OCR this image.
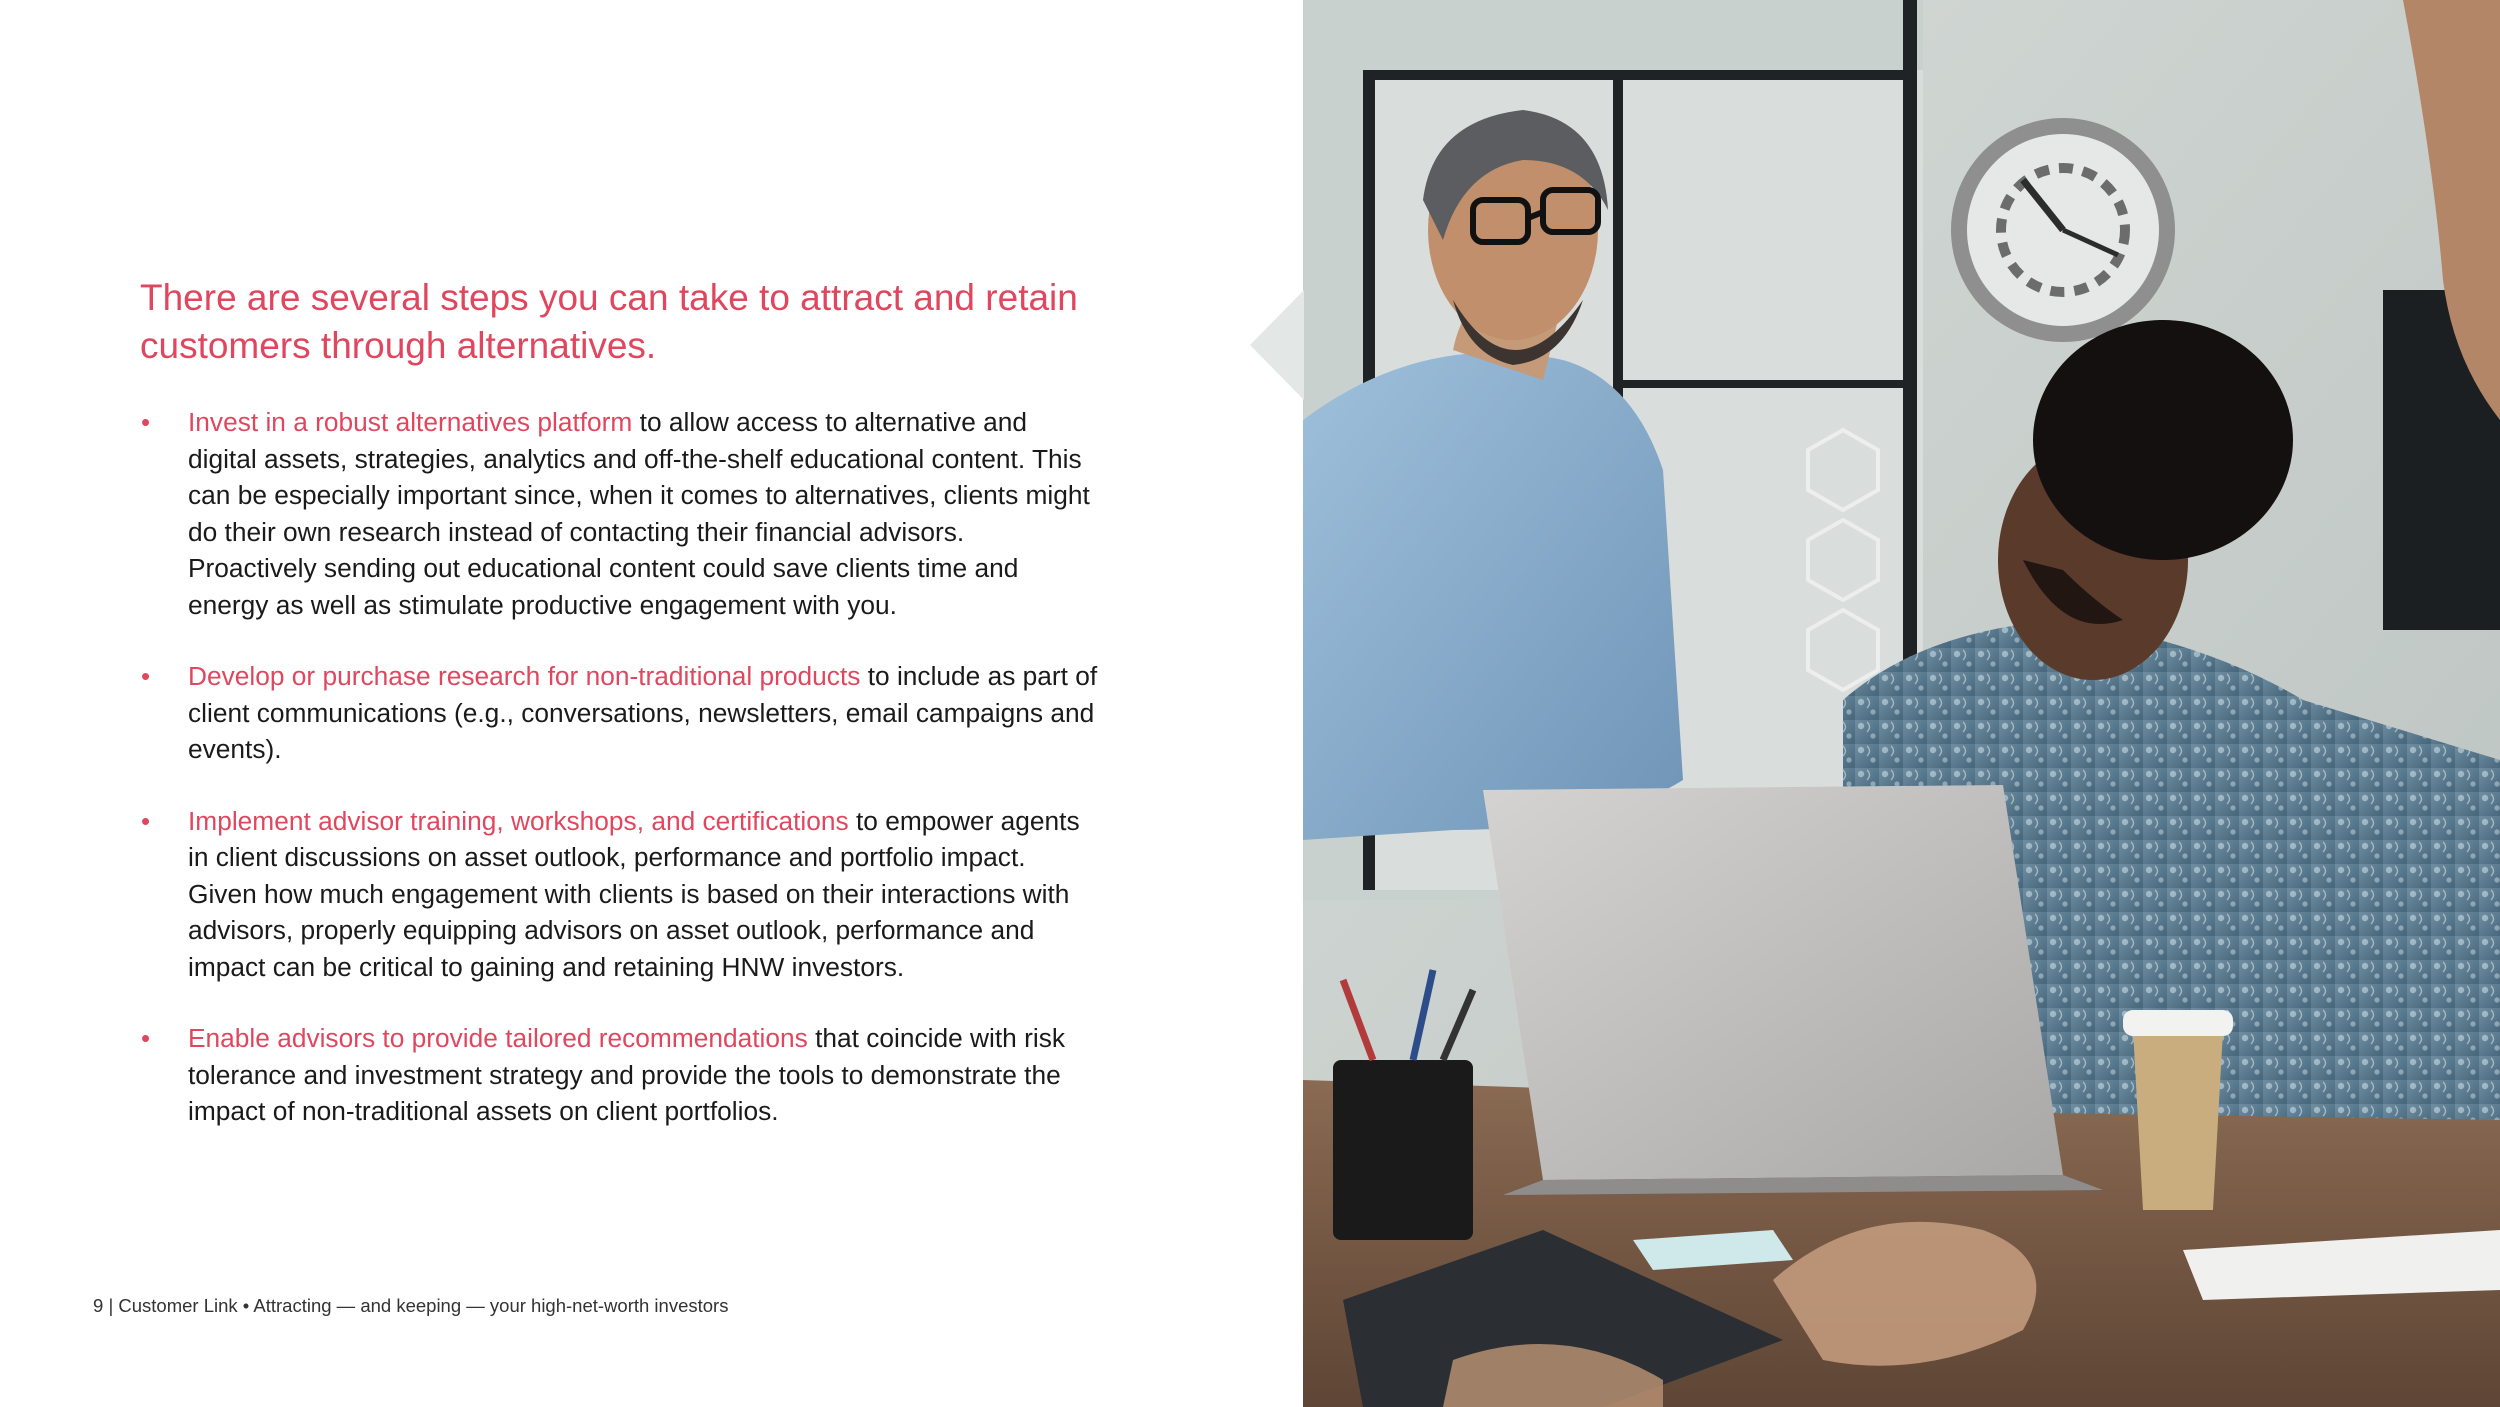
There are several steps you can take to attract and retain customers through alternatives.
• Invest in a robust alternatives platform to allow access to alternative and digital assets, strategies, analytics and off-the-shelf educational content. This can be especially important since, when it comes to alternatives, clients might do their own research instead of contacting their financial advisors. Proactively sending out educational content could save clients time and energy as well as stimulate productive engagement with you.
• Develop or purchase research for non-traditional products to include as part of client communications (e.g., conversations, newsletters, email campaigns and events).
• Implement advisor training, workshops, and certifications to empower agents in client discussions on asset outlook, performance and portfolio impact. Given how much engagement with clients is based on their interactions with advisors, properly equipping advisors on asset outlook, performance and impact can be critical to gaining and retaining HNW investors.
• Enable advisors to provide tailored recommendations that coincide with risk tolerance and investment strategy and provide the tools to demonstrate the impact of non-traditional assets on client portfolios.
9 | Customer Link • Attracting — and keeping — your high-net-worth investors
